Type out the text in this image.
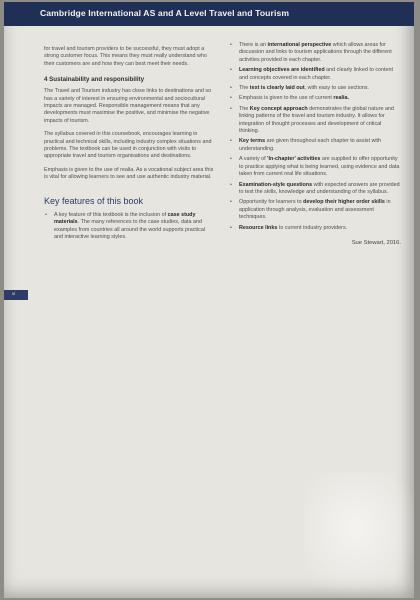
Cambridge International AS and A Level Travel and Tourism
vi

for travel and tourism providers to be successful, they must adopt a strong customer focus. This means they must really understand who their customers are and how they can best meet their needs.

4 Sustainability and responsibility

The Travel and Tourism industry has close links to destinations and so has a variety of interest in ensuring environmental and sociocultural impacts are managed. Responsible management means that any developments must maximise the positive, and minimise the negative impacts of tourism.

The syllabus covered in this coursebook, encourages learning in practical and technical skills, including industry complex situations and problems. The textbook can be used in conjunction with visits to appropriate travel and tourism organisations and destinations.

Emphasis is given to the use of realia. As a vocational subject area this is vital for allowing learners to see and use authentic industry material.

Key features of this book
• A key feature of this textbook is the inclusion of case study materials. The many references to the case studies, data and examples from countries all around the world supports practical and interactive learning styles.
• There is an international perspective which allows areas for discussion and links to tourism applications through the different activities provided in each chapter.
• Learning objectives are identified and clearly linked to content and concepts covered in each chapter.
• The text is clearly laid out, with easy to use sections.
• Emphasis is given to the use of current realia.
• The Key concept approach demonstrates the global nature and linking patterns of the travel and tourism industry. It allows for integration of thought processes and development of critical thinking.
• Key terms are given throughout each chapter to assist with understanding.
• A variety of 'In-chapter' activities are supplied to offer opportunity to practice applying what is being learned, using evidence and data taken from current real life situations.
• Examination-style questions with expected answers are provided to test the skills, knowledge and understanding of the syllabus.
• Opportunity for learners to develop their higher order skills in application through analysis, evaluation and assessment techniques.
• Resource links to current industry providers.
Sue Stewart, 2016.
